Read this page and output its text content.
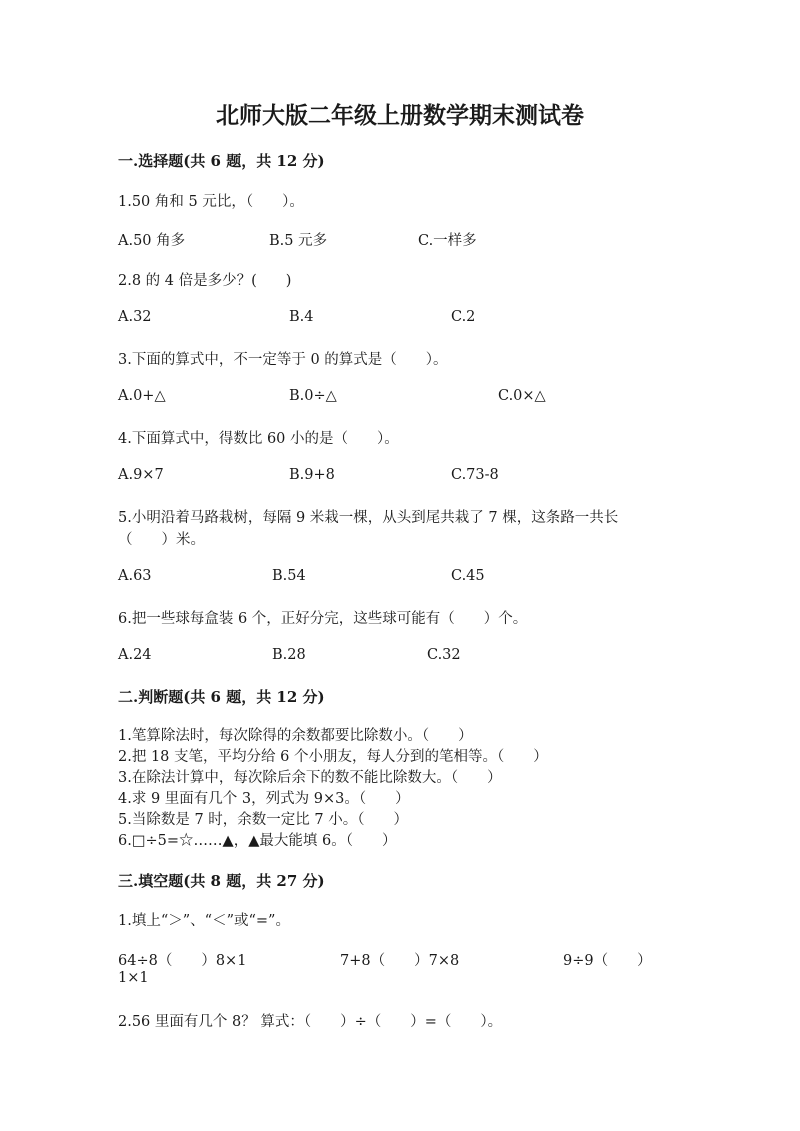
北师大版二年级上册数学期末测试卷
一.选择题(共 6 题，共 12 分)
1.50 角和 5 元比，（　　）。
A.50 角多	B.5 元多	C.一样多
2.8 的 4 倍是多少？(　　)
A.32	B.4	C.2
3.下面的算式中，不一定等于 0 的算式是（　　）。
A.0+△	B.0÷△	C.0×△
4.下面算式中，得数比 60 小的是（　　）。
A.9×7	B.9+8	C.73-8
5.小明沿着马路栽树，每隔 9 米栽一棵，从头到尾共栽了 7 棵，这条路一共长
（　　）米。
A.63	B.54	C.45
6.把一些球每盒装 6 个，正好分完，这些球可能有（　　）个。
A.24	B.28	C.32
二.判断题(共 6 题，共 12 分)
1.笔算除法时，每次除得的余数都要比除数小。（　　）
2.把 18 支笔，平均分给 6 个小朋友，每人分到的笔相等。（　　）
3.在除法计算中，每次除后余下的数不能比除数大。（　　）
4.求 9 里面有几个 3，列式为 9×3。（　　）
5.当除数是 7 时，余数一定比 7 小。（　　）
6.□÷5=☆……▲，▲最大能填 6。（　　）
三.填空题(共 8 题，共 27 分)
1.填上“＞”、“＜”或“=”。
64÷8（　　）8×1	7+8（　　）7×8	9÷9（　　）
1×1
2.56 里面有几个 8？ 算式：（　　）÷（　　）=（　　）。
